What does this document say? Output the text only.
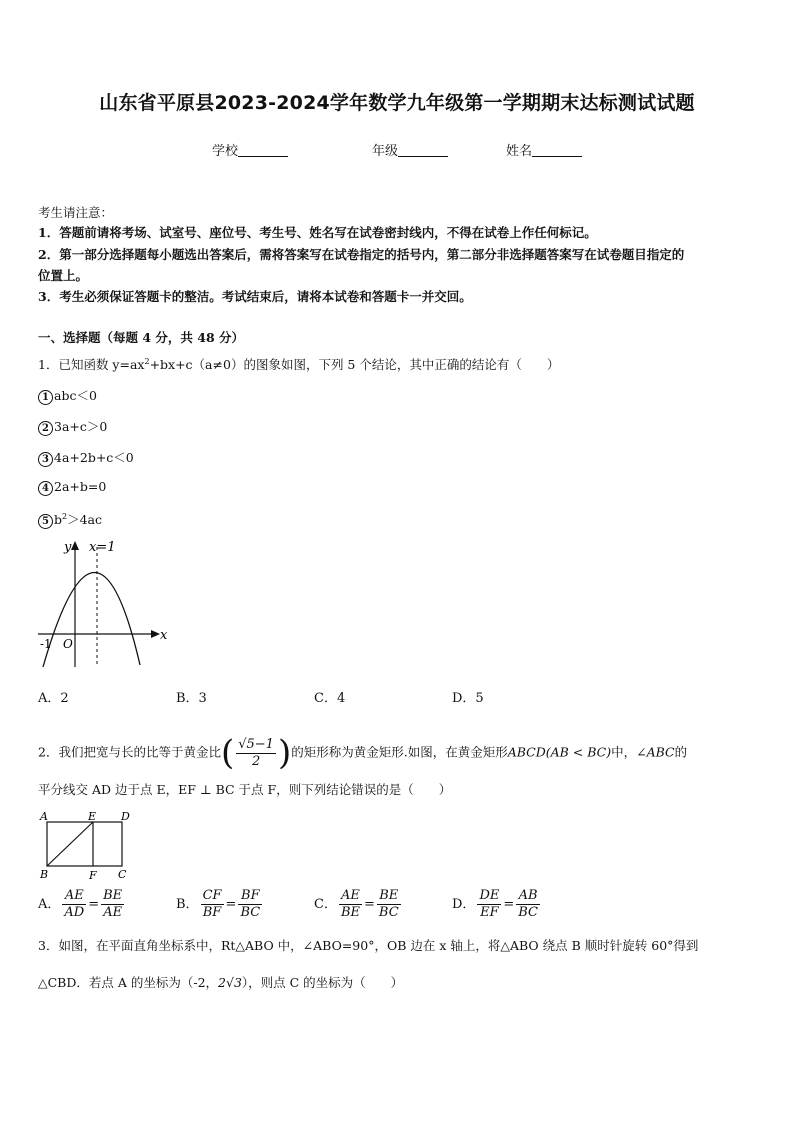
山东省平原县2023-2024学年数学九年级第一学期期末达标测试试题
学校	年级	姓名
考生请注意：
1．答题前请将考场、试室号、座位号、考生号、姓名写在试卷密封线内，不得在试卷上作任何标记。
2．第一部分选择题每小题选出答案后，需将答案写在试卷指定的括号内，第二部分非选择题答案写在试卷题目指定的
位置上。
3．考生必须保证答题卡的整洁。考试结束后，请将本试卷和答题卡一并交回。
一、选择题（每题 4 分，共 48 分）
1．已知函数 $y=ax^2+bx+c(a\ne 0)$的图象如图，下列 5 个结论，其中正确的结论有（　　）
1 abc＜0
2 3a+c＞0
3 4a+2b+c＜0
4 2a+b=0
5 $b^2>4ac$
y x=1
x
-1 O
A．2	B．3	C．4	D．5
2．我们把宽与长的比等于黄金比( $\frac{√5-1}{2}$ )的矩形称为黄金矩形.如图，在黄金矩形ABCD(AB < BC)中，∠ABC的
平分线交 AD 边于点 E，EF ⊥ BC 于点 F，则下列结论错误的是（　　）
A	E D
B	F C
A． $\frac{AE}{AD} = \frac{BE}{AE}$	B． $\frac{CF}{BF} = \frac{BF}{BC}$	C． $\frac{AE}{BE} = \frac{BE}{BC}$	D． $\frac{DE}{EF} = \frac{AB}{BC}$
3．如图，在平面直角坐标系中，Rt△ABO 中，∠ABO=90°，OB 边在 x 轴上，将△ABO 绕点 B 顺时针旋转 60°得到
△CBD．若点 A 的坐标为（-2，2√3），则点 C 的坐标为（　　）
